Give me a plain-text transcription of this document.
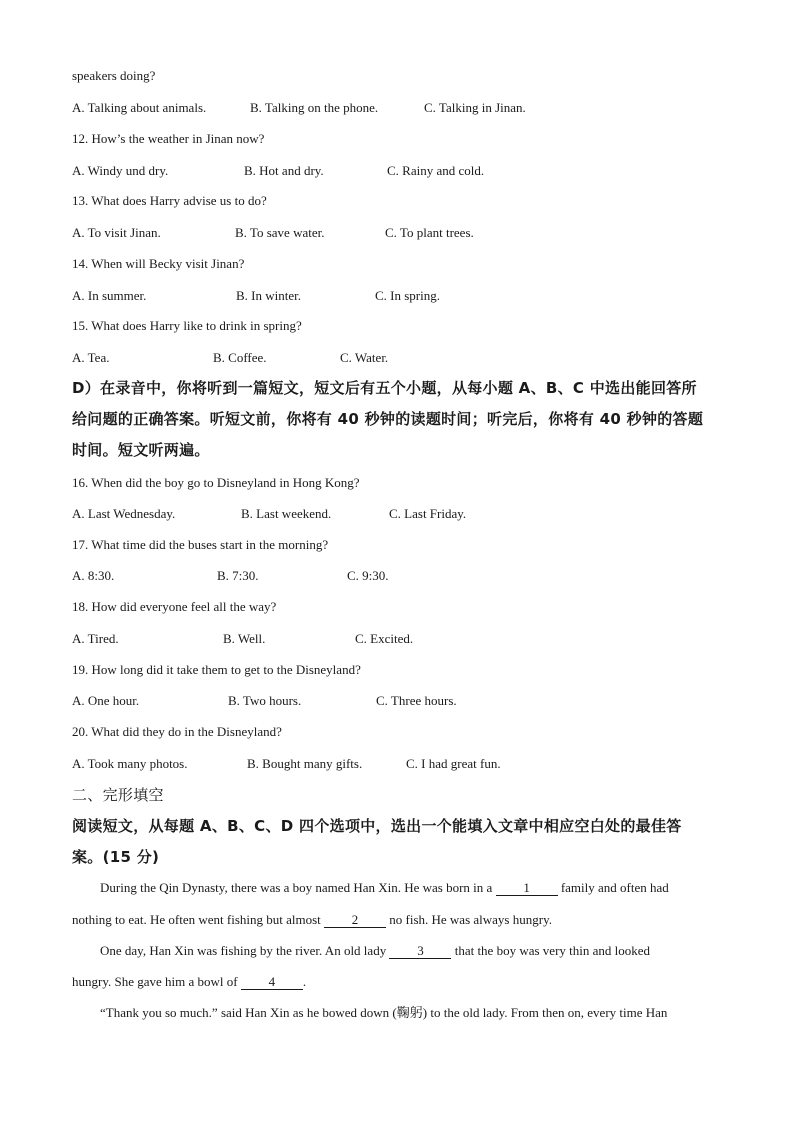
speakers doing?
A. Talking about animals.	B. Talking on the phone.	C. Talking in Jinan.
12. How’s the weather in Jinan now?
A. Windy und dry.	B. Hot and dry.	C. Rainy and cold.
13. What does Harry advise us to do?
A. To visit Jinan.	B. To save water.	C. To plant trees.
14. When will Becky visit Jinan?
A. In summer.	B. In winter.	C. In spring.
15. What does Harry like to drink in spring?
A. Tea.	B. Coffee.	C. Water.
D）在录音中，你将听到一篇短文，短文后有五个小题，从每小题 A、B、C 中选出能回答所
给问题的正确答案。听短文前，你将有 40 秒钟的读题时间；听完后，你将有 40 秒钟的答题
时间。短文听两遍。
16. When did the boy go to Disneyland in Hong Kong?
A. Last Wednesday.	B. Last weekend.	C. Last Friday.
17. What time did the buses start in the morning?
A. 8:30.	B. 7:30.	C. 9:30.
18. How did everyone feel all the way?
A. Tired.	B. Well.	C. Excited.
19. How long did it take them to get to the Disneyland?
A. One hour.	B. Two hours.	C. Three hours.
20. What did they do in the Disneyland?
A. Took many photos.	B. Bought many gifts.	C. I had great fun.
二、完形填空
阅读短文，从每题 A、B、C、D 四个选项中，选出一个能填入文章中相应空白处的最佳答
案。(15 分)
During the Qin Dynasty, there was a boy named Han Xin. He was born in a 1 family and often had
nothing to eat. He often went fishing but almost 2 no fish. He was always hungry.
One day, Han Xin was fishing by the river. An old lady 3 that the boy was very thin and looked
hungry. She gave him a bowl of 4 .
“Thank you so much.” said Han Xin as he bowed down (鞠躬) to the old lady. From then on, every time Han
